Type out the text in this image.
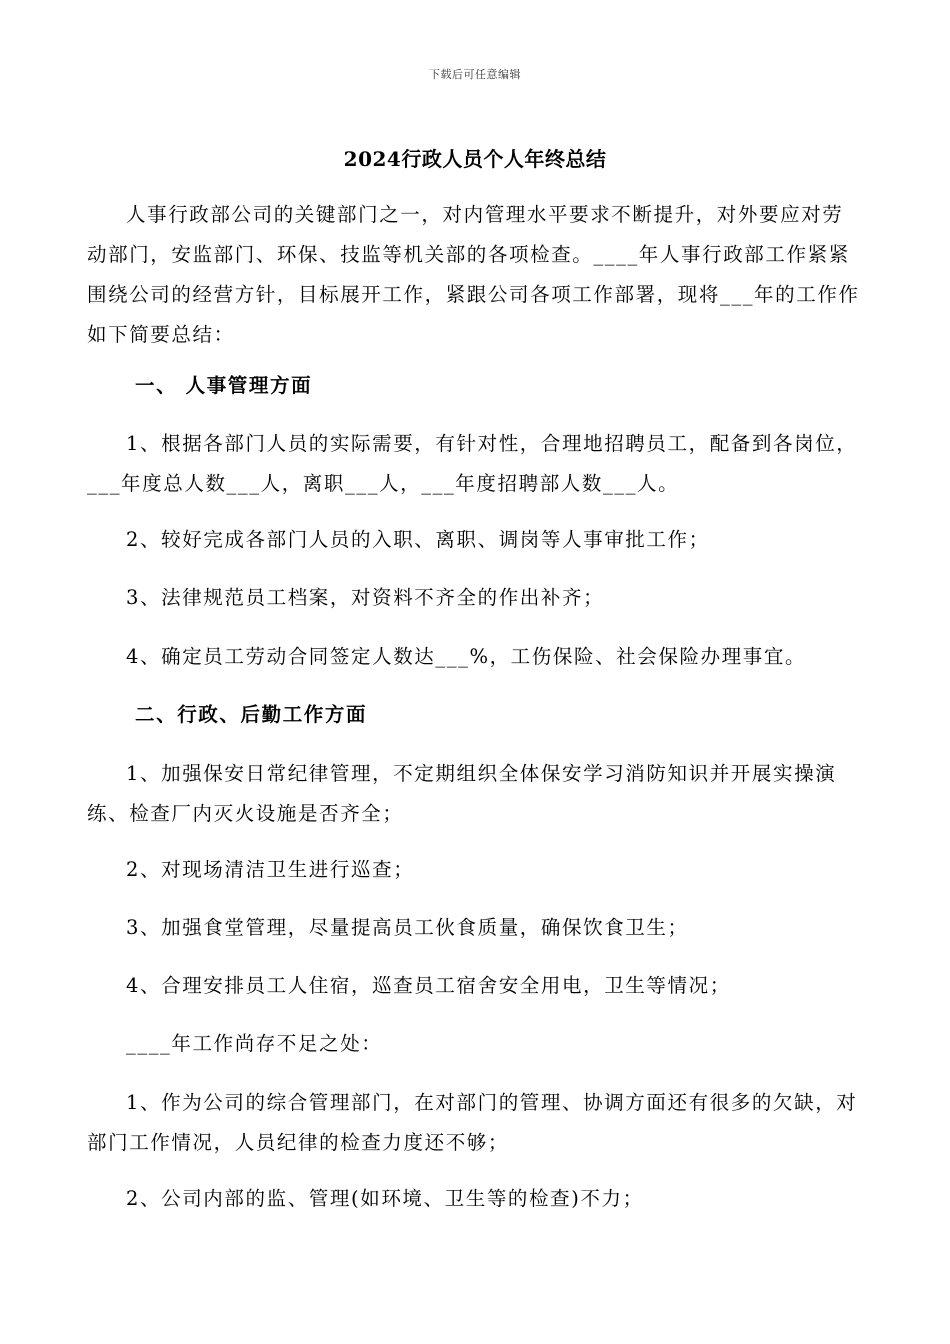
下载后可任意编辑
2024行政人员个人年终总结
人事行政部公司的关键部门之一，对内管理水平要求不断提升，对外要应对劳动部门，安监部门、环保、技监等机关部的各项检查。____年人事行政部工作紧紧围绕公司的经营方针，目标展开工作，紧跟公司各项工作部署，现将___年的工作作如下简要总结：
一、 人事管理方面
1、根据各部门人员的实际需要，有针对性，合理地招聘员工，配备到各岗位，___年度总人数___人，离职___人，___年度招聘部人数___人。
2、较好完成各部门人员的入职、离职、调岗等人事审批工作；
3、法律规范员工档案，对资料不齐全的作出补齐；
4、确定员工劳动合同签定人数达___%，工伤保险、社会保险办理事宜。
二、行政、后勤工作方面
1、加强保安日常纪律管理，不定期组织全体保安学习消防知识并开展实操演练、检查厂内灭火设施是否齐全；
2、对现场清洁卫生进行巡查；
3、加强食堂管理，尽量提高员工伙食质量，确保饮食卫生；
4、合理安排员工人住宿，巡查员工宿舍安全用电，卫生等情况；
____年工作尚存不足之处：
1、作为公司的综合管理部门，在对部门的管理、协调方面还有很多的欠缺，对部门工作情况，人员纪律的检查力度还不够；
2、公司内部的监、管理(如环境、卫生等的检查)不力；
